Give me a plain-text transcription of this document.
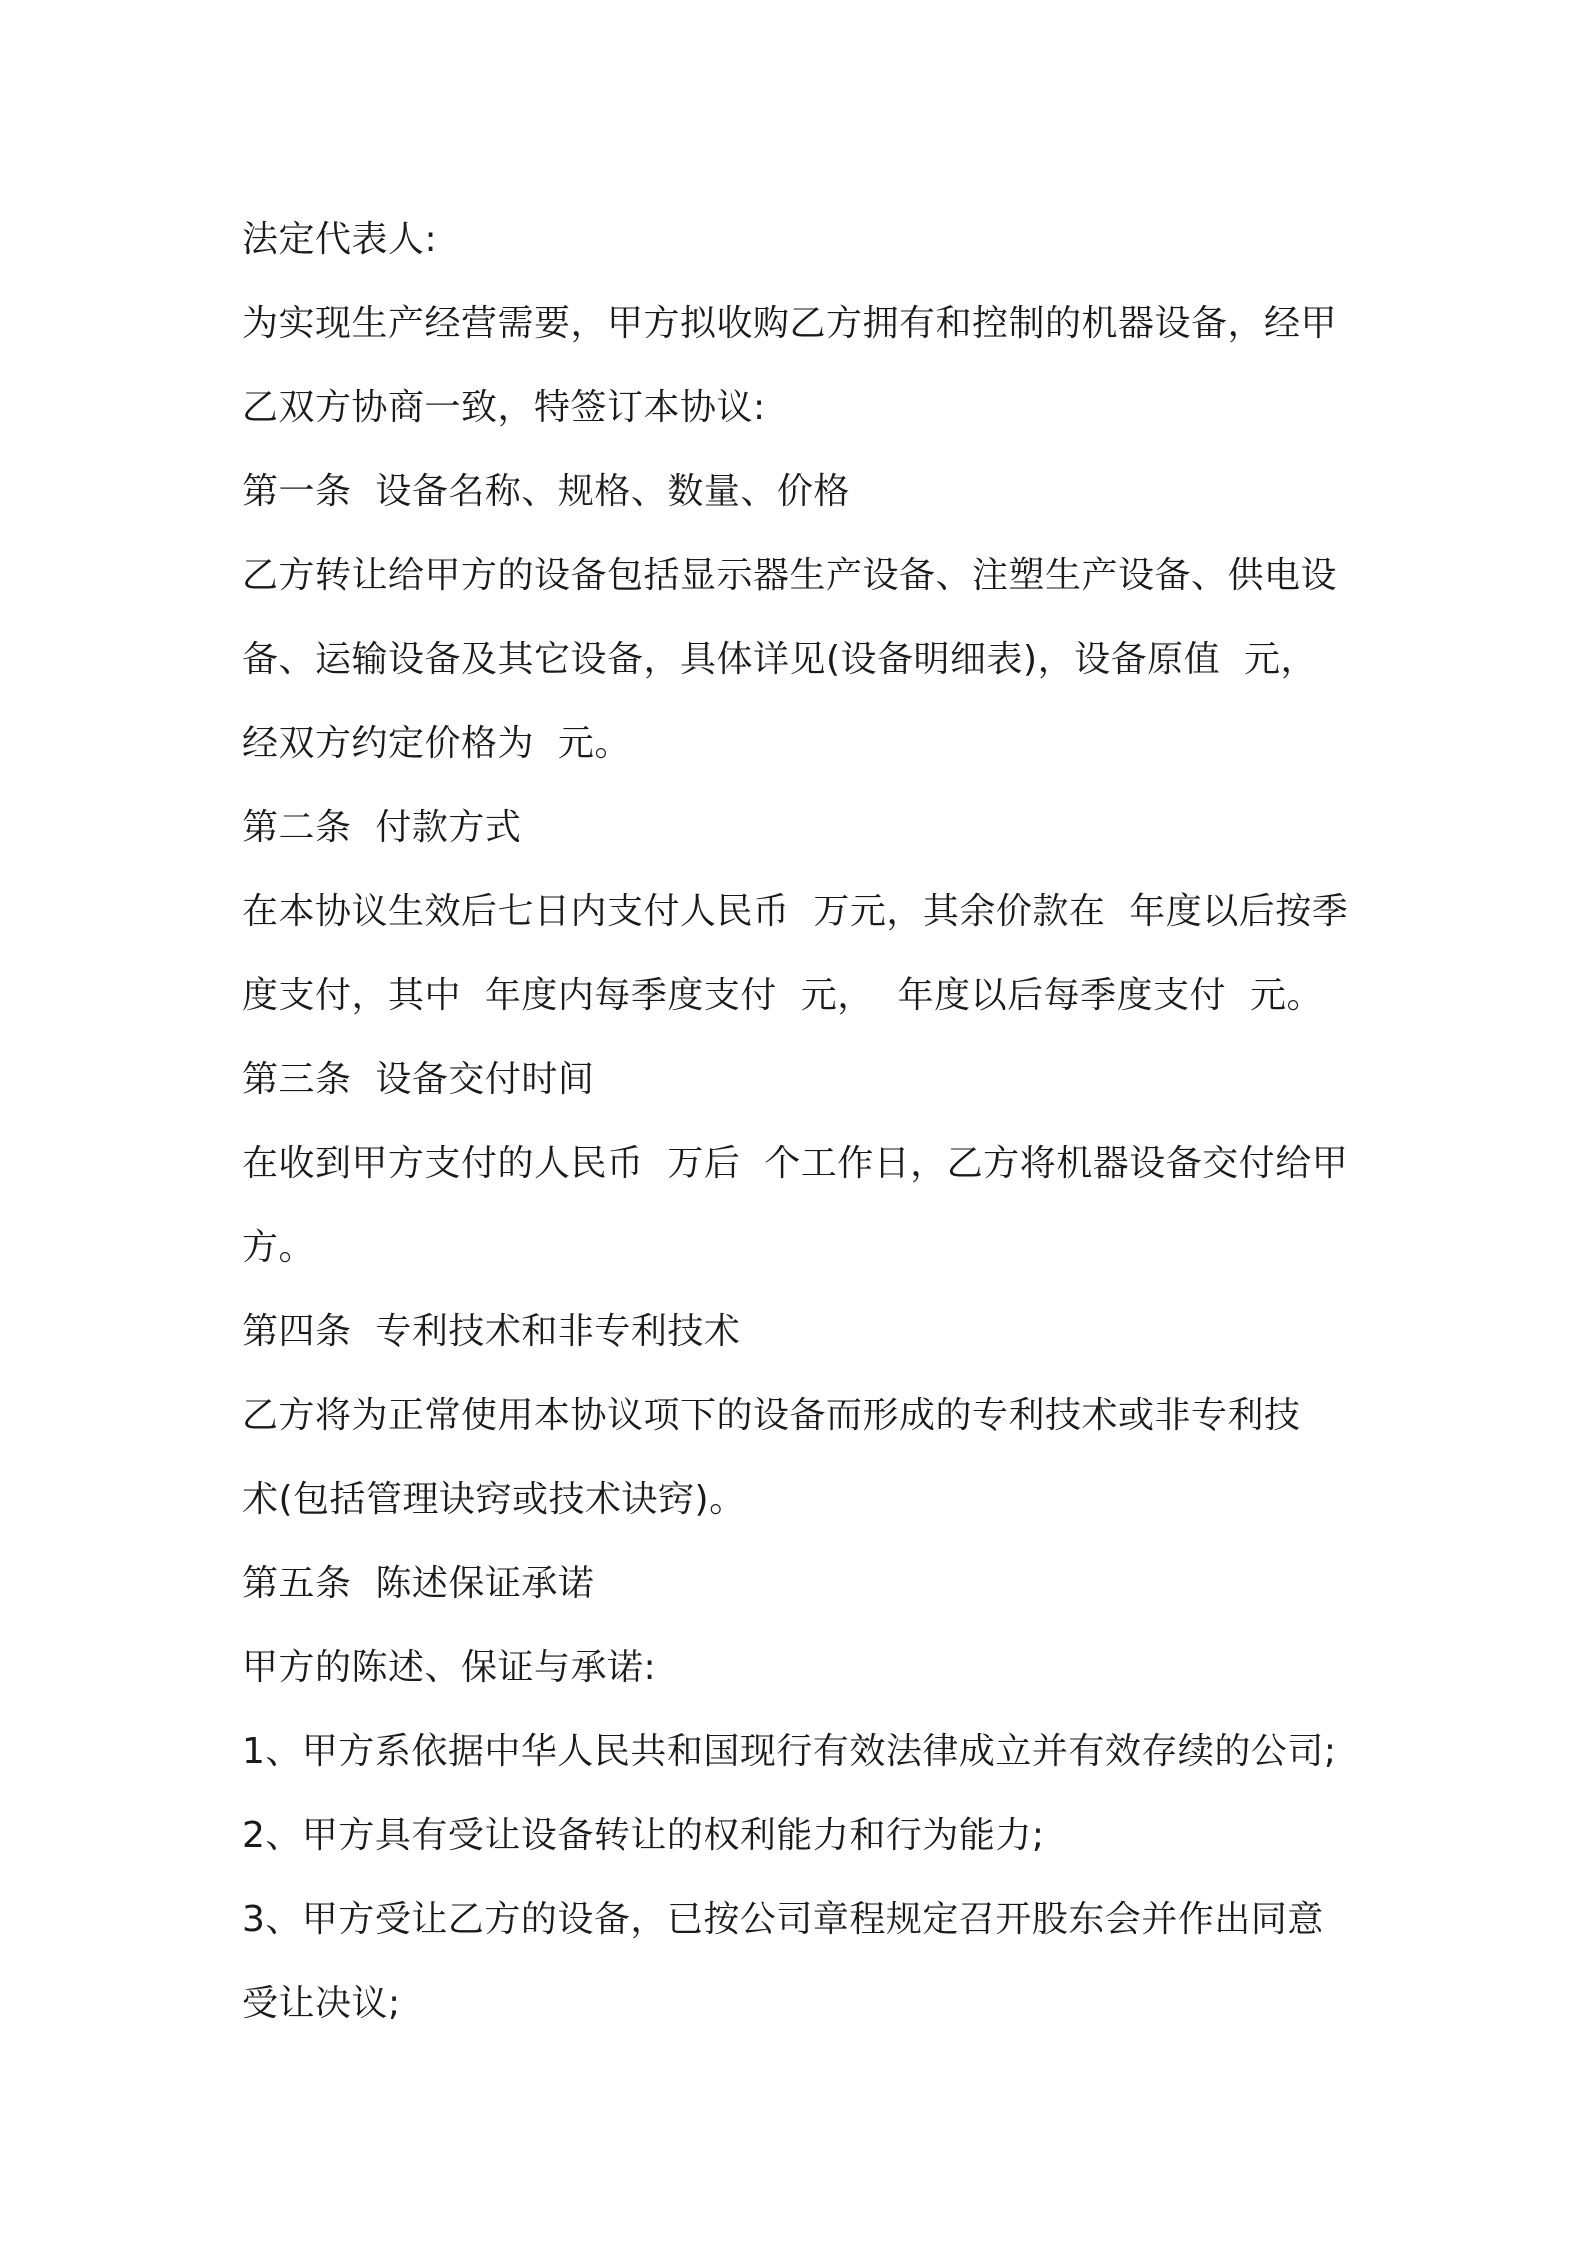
法定代表人:
为实现生产经营需要，甲方拟收购乙方拥有和控制的机器设备，经甲
乙双方协商一致，特签订本协议:
第一条  设备名称、规格、数量、价格
乙方转让给甲方的设备包括显示器生产设备、注塑生产设备、供电设
备、运输设备及其它设备，具体详见(设备明细表)，设备原值  元，
经双方约定价格为  元。
第二条  付款方式
在本协议生效后七日内支付人民币  万元，其余价款在  年度以后按季
度支付，其中  年度内每季度支付  元，  年度以后每季度支付  元。
第三条  设备交付时间
在收到甲方支付的人民币  万后  个工作日，乙方将机器设备交付给甲
方。
第四条  专利技术和非专利技术
乙方将为正常使用本协议项下的设备而形成的专利技术或非专利技
术(包括管理诀窍或技术诀窍)。
第五条  陈述保证承诺
甲方的陈述、保证与承诺:
1、甲方系依据中华人民共和国现行有效法律成立并有效存续的公司;
2、甲方具有受让设备转让的权利能力和行为能力;
3、甲方受让乙方的设备，已按公司章程规定召开股东会并作出同意
受让决议;
